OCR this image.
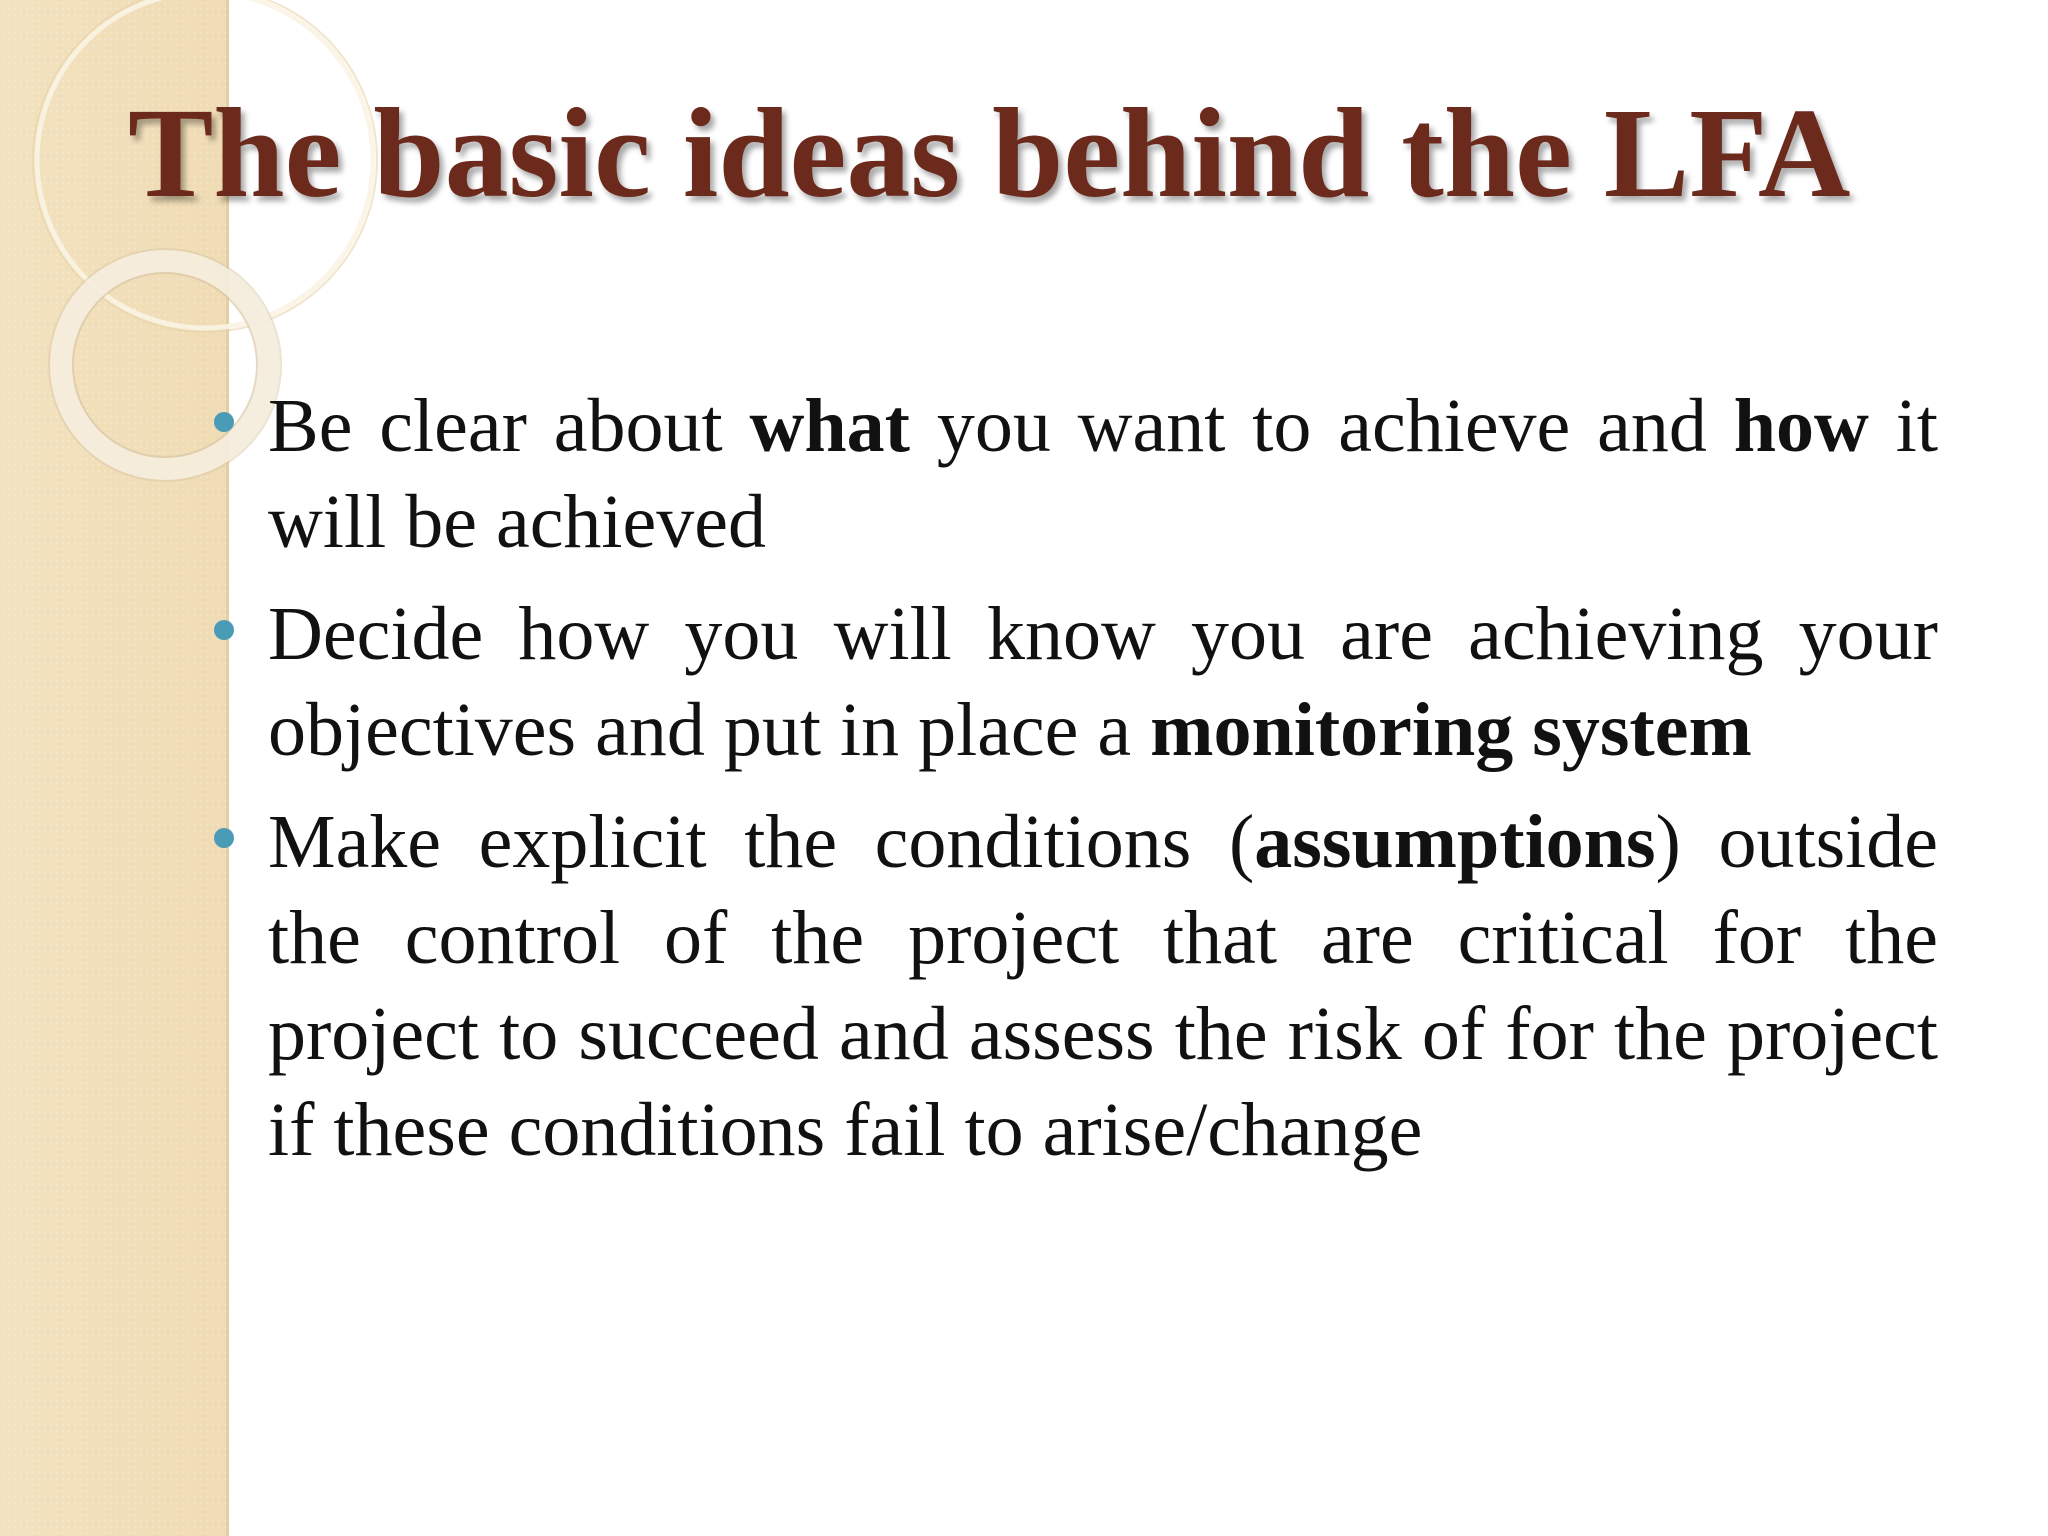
The basic ideas behind the LFA
Be clear about what you want to achieve and how it will be achieved
Decide how you will know you are achieving your objectives and put in place a monitoring system
Make explicit the conditions (assumptions) outside the control of the project that are critical for the project to succeed and assess the risk of for the project if these conditions fail to arise/change
